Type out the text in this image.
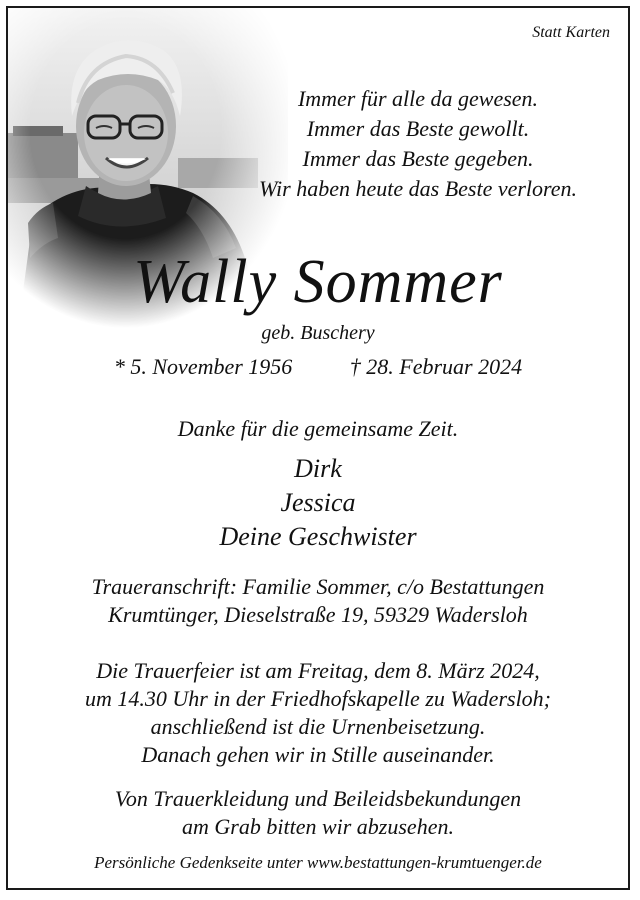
Statt Karten
Immer für alle da gewesen.
Immer das Beste gewollt.
Immer das Beste gegeben.
Wir haben heute das Beste verloren.
Wally Sommer
geb. Buschery
* 5. November 1956	† 28. Februar 2024
Danke für die gemeinsame Zeit.
Dirk
Jessica
Deine Geschwister
Traueranschrift: Familie Sommer, c/o Bestattungen
Krumtünger, Dieselstraße 19, 59329 Wadersloh
Die Trauerfeier ist am Freitag, dem 8. März 2024,
um 14.30 Uhr in der Friedhofskapelle zu Wadersloh;
anschließend ist die Urnenbeisetzung.
Danach gehen wir in Stille auseinander.
Von Trauerkleidung und Beileidsbekundungen
am Grab bitten wir abzusehen.
Persönliche Gedenkseite unter www.bestattungen-krumtuenger.de
